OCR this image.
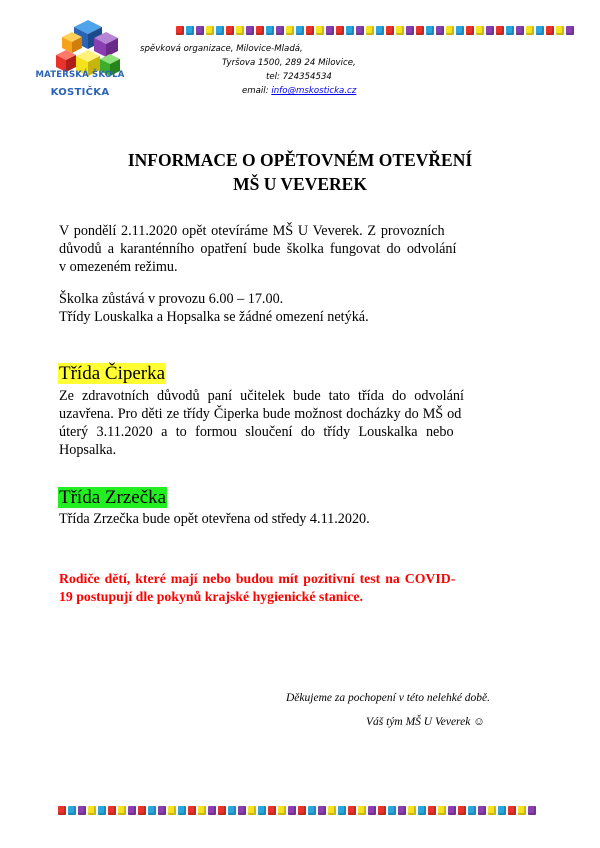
MATEŘSKÁ ŠKOLA
KOSTIČKA
spěvková organizace, Milovice-Mladá,
Tyršova 1500, 289 24 Milovice,
tel: 724354534
email: info@mskosticka.cz
INFORMACE O OPĚTOVNÉM OTEVŘENÍ
MŠ U VEVEREK
V pondělí 2.11.2020 opět otevíráme MŠ U Veverek. Z provozních
důvodů a karanténního opatření bude školka fungovat do odvolání
v omezeném režimu.
Školka zůstává v provozu 6.00 – 17.00.
Třídy Louskalka a Hopsalka se žádné omezení netýká.
Třída Čiperka
Ze zdravotních důvodů paní učitelek bude tato třída do odvolání
uzavřena. Pro děti ze třídy Čiperka bude možnost docházky do MŠ od
úterý 3.11.2020 a to formou sloučení do třídy Louskalka nebo
Hopsalka.
Třída Zrzečka
Třída Zrzečka bude opět otevřena od středy 4.11.2020.
Rodiče dětí, které mají nebo budou mít pozitivní test na COVID-
19 postupují dle pokynů krajské hygienické stanice.
Děkujeme za pochopení v této nelehké době.
Váš tým MŠ U Veverek ☺
